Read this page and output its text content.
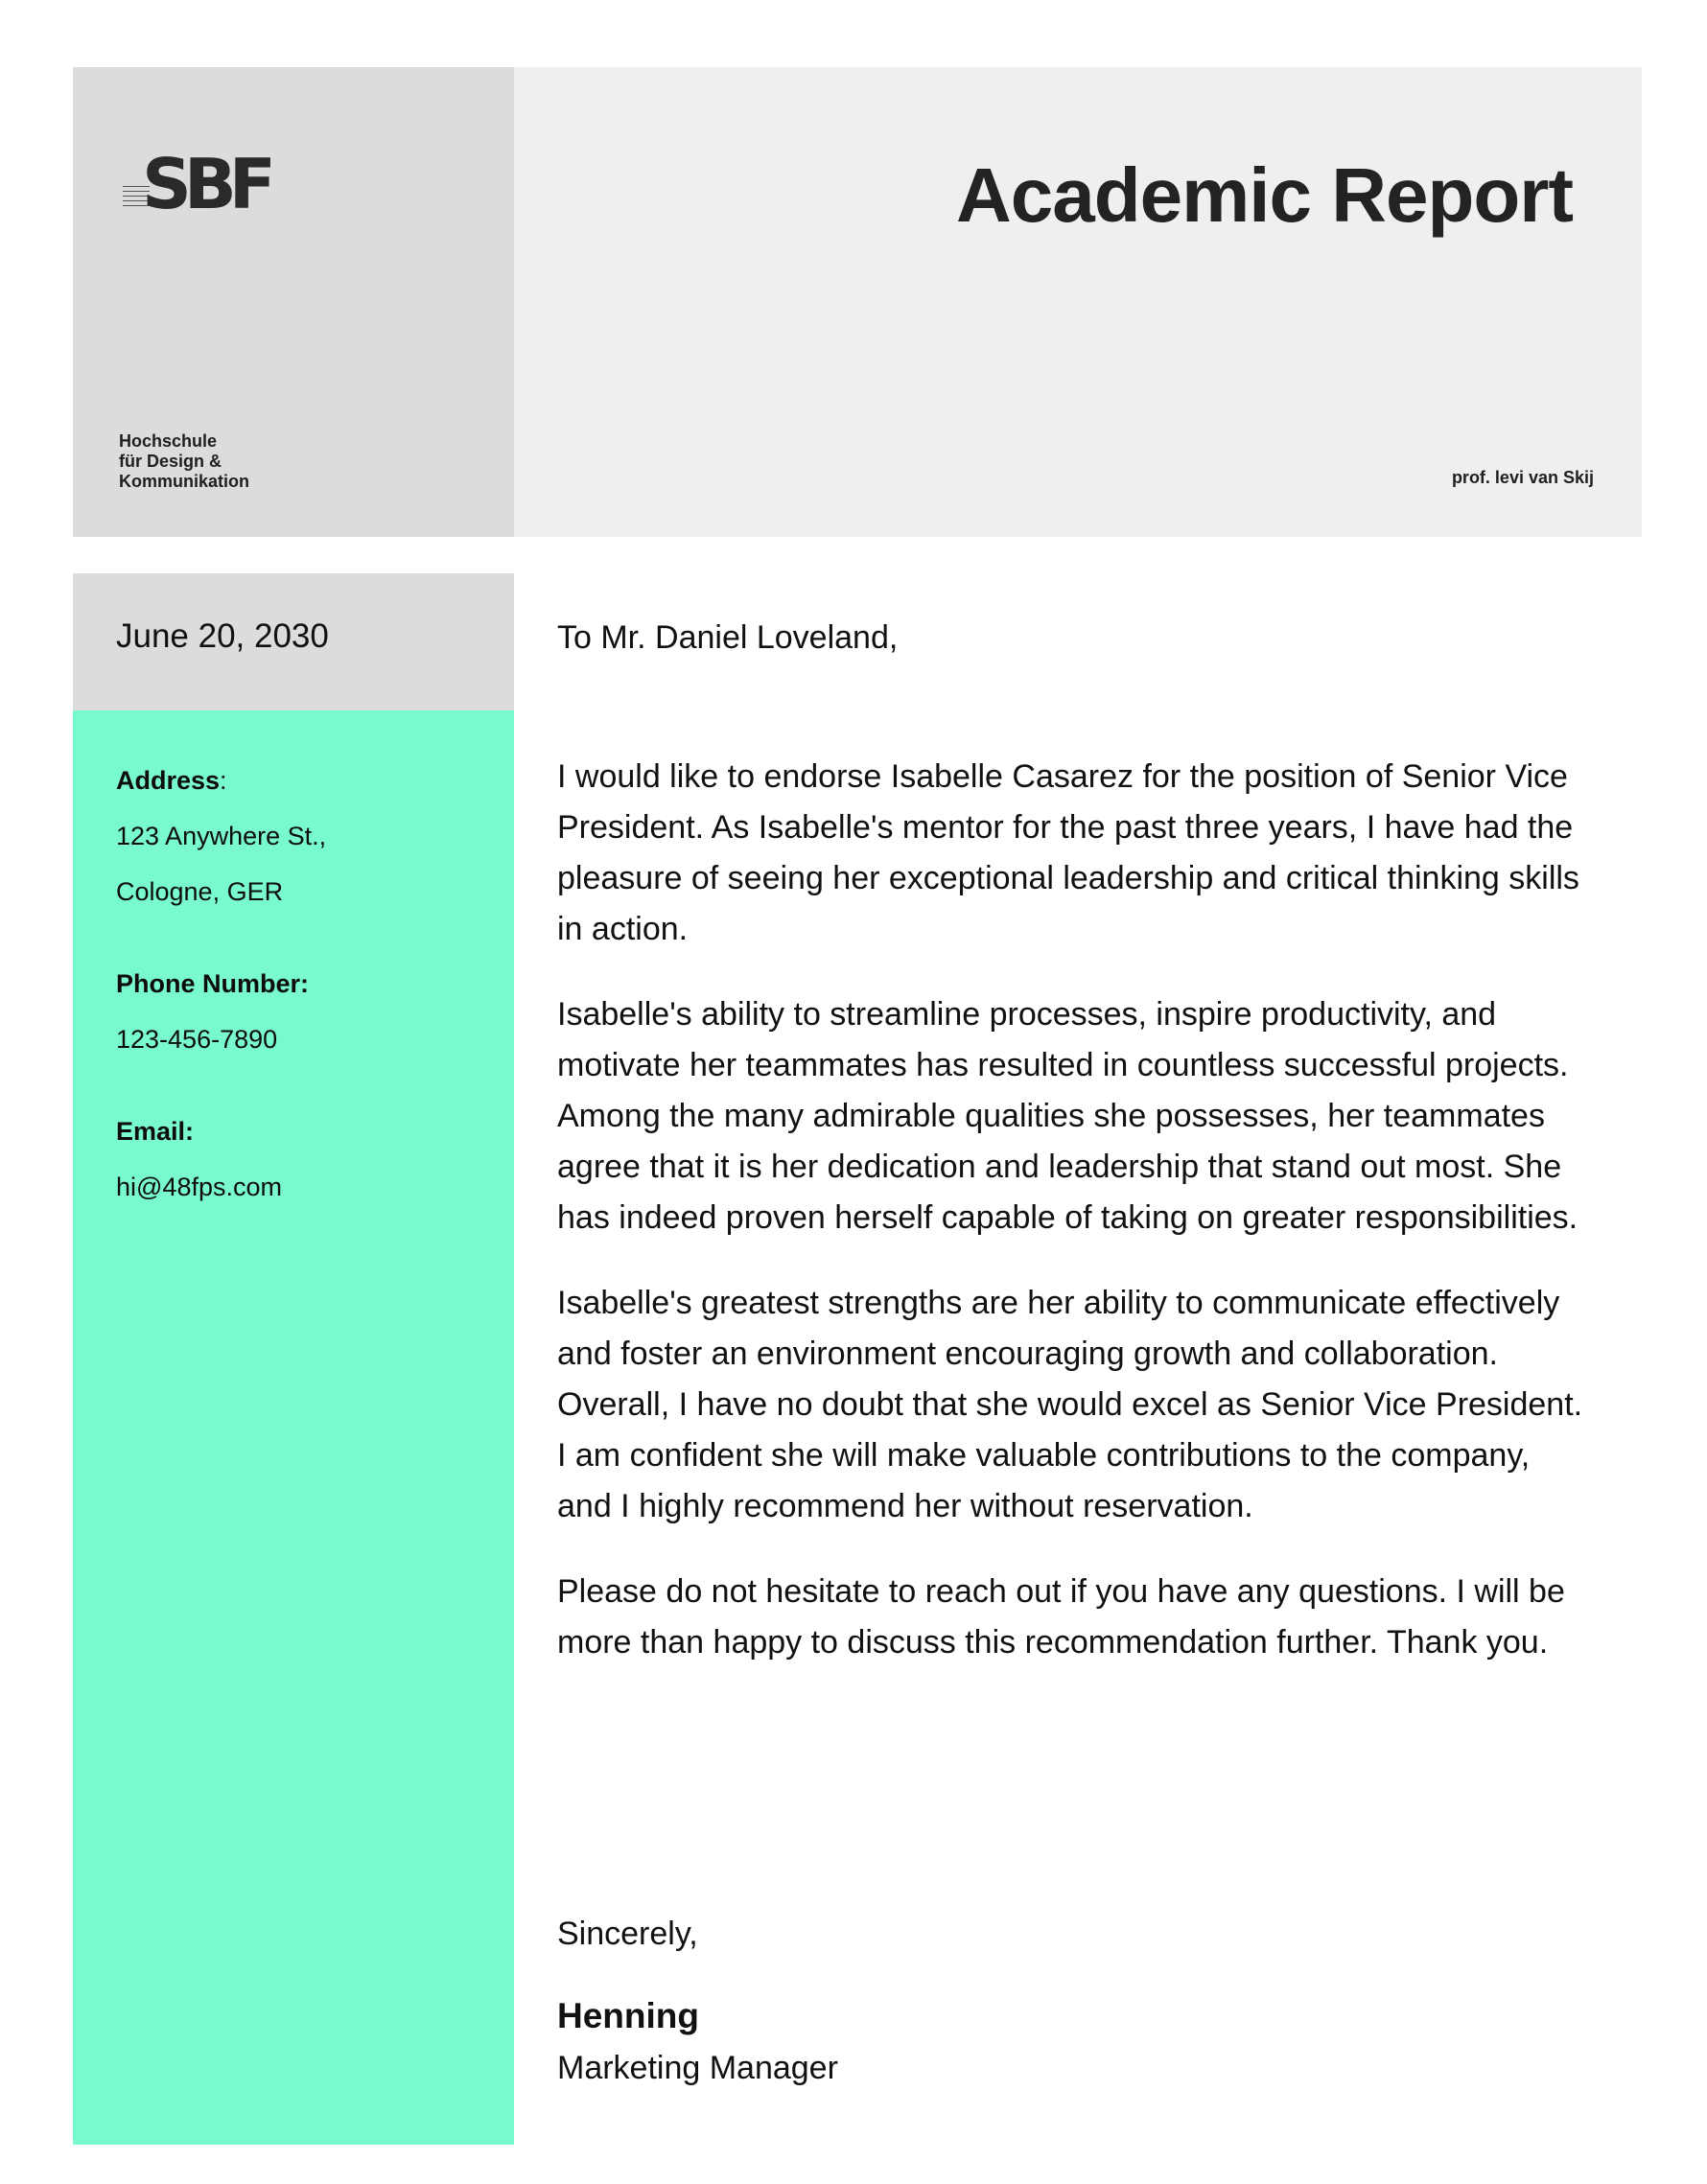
SBF
Hochschule
für Design &
Kommunikation
Academic Report
prof. levi van Skij
June 20, 2030
Address:
123 Anywhere St.,
Cologne, GER
Phone Number:
123-456-7890
Email:
hi@48fps.com
To Mr. Daniel Loveland,

I would like to endorse Isabelle Casarez for the position of Senior Vice President. As Isabelle's mentor for the past three years, I have had the pleasure of seeing her exceptional leadership and critical thinking skills in action.

Isabelle's ability to streamline processes, inspire productivity, and motivate her teammates has resulted in countless successful projects. Among the many admirable qualities she possesses, her teammates agree that it is her dedication and leadership that stand out most. She has indeed proven herself capable of taking on greater responsibilities.

Isabelle's greatest strengths are her ability to communicate effectively and foster an environment encouraging growth and collaboration. Overall, I have no doubt that she would excel as Senior Vice President. I am confident she will make valuable contributions to the company, and I highly recommend her without reservation.

Please do not hesitate to reach out if you have any questions. I will be more than happy to discuss this recommendation further. Thank you.

Sincerely,
Henning
Marketing Manager
